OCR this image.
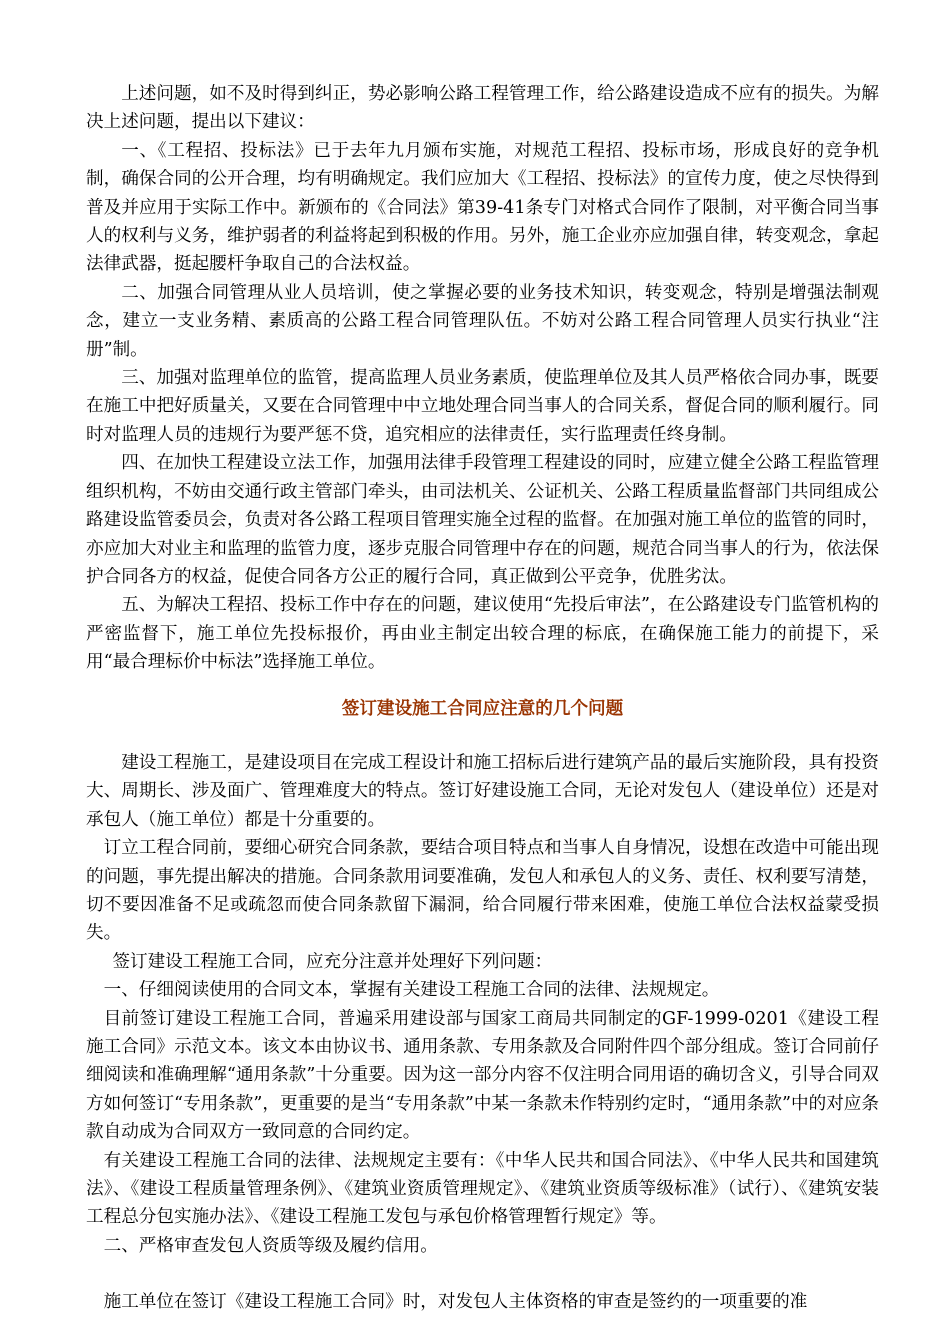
上述问题，如不及时得到纠正，势必影响公路工程管理工作，给公路建设造成不应有的损失。为解决上述问题，提出以下建议：

一、《工程招、投标法》已于去年九月颁布实施，对规范工程招、投标市场，形成良好的竞争机制，确保合同的公开合理，均有明确规定。我们应加大《工程招、投标法》的宣传力度，使之尽快得到普及并应用于实际工作中。新颁布的《合同法》第39-41条专门对格式合同作了限制，对平衡合同当事人的权利与义务，维护弱者的利益将起到积极的作用。另外，施工企业亦应加强自律，转变观念，拿起法律武器，挺起腰杆争取自己的合法权益。

二、加强合同管理从业人员培训，使之掌握必要的业务技术知识，转变观念，特别是增强法制观念，建立一支业务精、素质高的公路工程合同管理队伍。不妨对公路工程合同管理人员实行执业“注册”制。

三、加强对监理单位的监管，提高监理人员业务素质，使监理单位及其人员严格依合同办事，既要在施工中把好质量关，又要在合同管理中中立地处理合同当事人的合同关系，督促合同的顺利履行。同时对监理人员的违规行为要严惩不贷，追究相应的法律责任，实行监理责任终身制。

四、在加快工程建设立法工作，加强用法律手段管理工程建设的同时，应建立健全公路工程监管理组织机构，不妨由交通行政主管部门牵头，由司法机关、公证机关、公路工程质量监督部门共同组成公路建设监管委员会，负责对各公路工程项目管理实施全过程的监督。在加强对施工单位的监管的同时，亦应加大对业主和监理的监管力度，逐步克服合同管理中存在的问题，规范合同当事人的行为，依法保护合同各方的权益，促使合同各方公正的履行合同，真正做到公平竞争，优胜劣汰。

五、为解决工程招、投标工作中存在的问题，建议使用“先投后审法”，在公路建设专门监管机构的严密监督下，施工单位先投标报价，再由业主制定出较合理的标底，在确保施工能力的前提下，采用“最合理标价中标法”选择施工单位。

签订建设施工合同应注意的几个问题

建设工程施工，是建设项目在完成工程设计和施工招标后进行建筑产品的最后实施阶段，具有投资大、周期长、涉及面广、管理难度大的特点。签订好建设施工合同，无论对发包人（建设单位）还是对承包人（施工单位）都是十分重要的。

订立工程合同前，要细心研究合同条款，要结合项目特点和当事人自身情况，设想在改造中可能出现的问题，事先提出解决的措施。合同条款用词要准确，发包人和承包人的义务、责任、权利要写清楚，切不要因准备不足或疏忽而使合同条款留下漏洞，给合同履行带来困难，使施工单位合法权益蒙受损失。

签订建设工程施工合同，应充分注意并处理好下列问题：

一、仔细阅读使用的合同文本，掌握有关建设工程施工合同的法律、法规规定。

目前签订建设工程施工合同，普遍采用建设部与国家工商局共同制定的GF-1999-0201《建设工程施工合同》示范文本。该文本由协议书、通用条款、专用条款及合同附件四个部分组成。签订合同前仔细阅读和准确理解“通用条款”十分重要。因为这一部分内容不仅注明合同用语的确切含义，引导合同双方如何签订“专用条款”，更重要的是当“专用条款”中某一条款未作特别约定时，“通用条款”中的对应条款自动成为合同双方一致同意的合同约定。

有关建设工程施工合同的法律、法规规定主要有：《中华人民共和国合同法》、《中华人民共和国建筑法》、《建设工程质量管理条例》、《建筑业资质管理规定》、《建筑业资质等级标准》（试行）、《建筑安装工程总分包实施办法》、《建设工程施工发包与承包价格管理暂行规定》等。

二、严格审查发包人资质等级及履约信用。

施工单位在签订《建设工程施工合同》时，对发包人主体资格的审查是签约的一项重要的准
